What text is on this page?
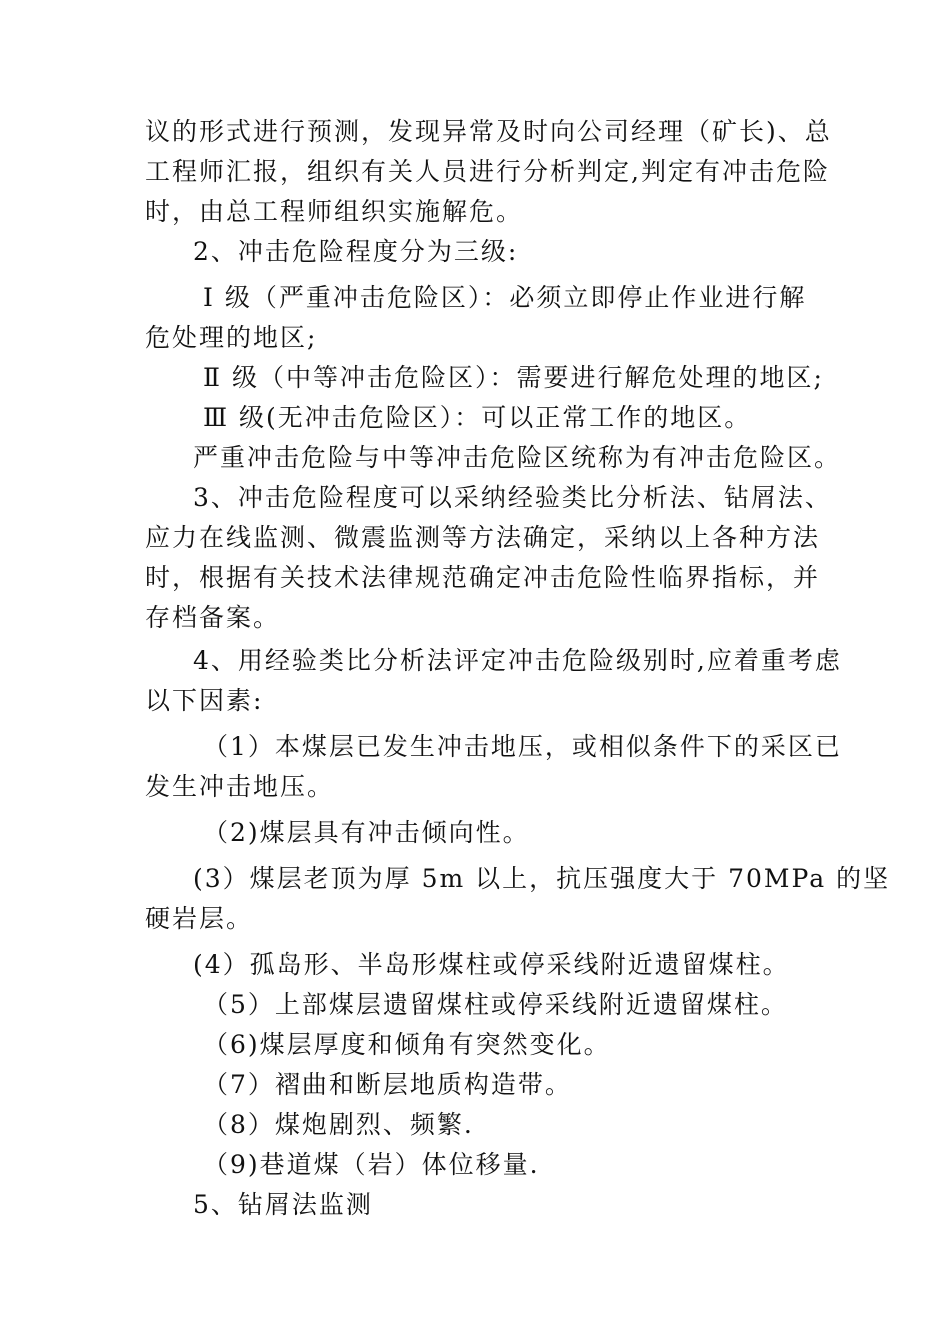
议的形式进行预测，发现异常及时向公司经理（矿长)、总
工程师汇报，组织有关人员进行分析判定,判定有冲击危险
时，由总工程师组织实施解危。
2、冲击危险程度分为三级:
Ⅰ 级（严重冲击危险区）：必须立即停止作业进行解
危处理的地区;
Ⅱ 级（中等冲击危险区）：需要进行解危处理的地区;
Ⅲ 级(无冲击危险区）：可以正常工作的地区。
严重冲击危险与中等冲击危险区统称为有冲击危险区。
3、冲击危险程度可以采纳经验类比分析法、钻屑法、
应力在线监测、微震监测等方法确定，采纳以上各种方法
时，根据有关技术法律规范确定冲击危险性临界指标，并
存档备案。
4、用经验类比分析法评定冲击危险级别时,应着重考虑
以下因素:
（1）本煤层已发生冲击地压，或相似条件下的采区已
发生冲击地压。
（2)煤层具有冲击倾向性。
(3）煤层老顶为厚 5m 以上，抗压强度大于 70MPa 的坚
硬岩层。
(4）孤岛形、半岛形煤柱或停采线附近遗留煤柱。
（5）上部煤层遗留煤柱或停采线附近遗留煤柱。
（6)煤层厚度和倾角有突然变化。
（7）褶曲和断层地质构造带。
（8）煤炮剧烈、频繁.
（9)巷道煤（岩）体位移量.
5、钻屑法监测
